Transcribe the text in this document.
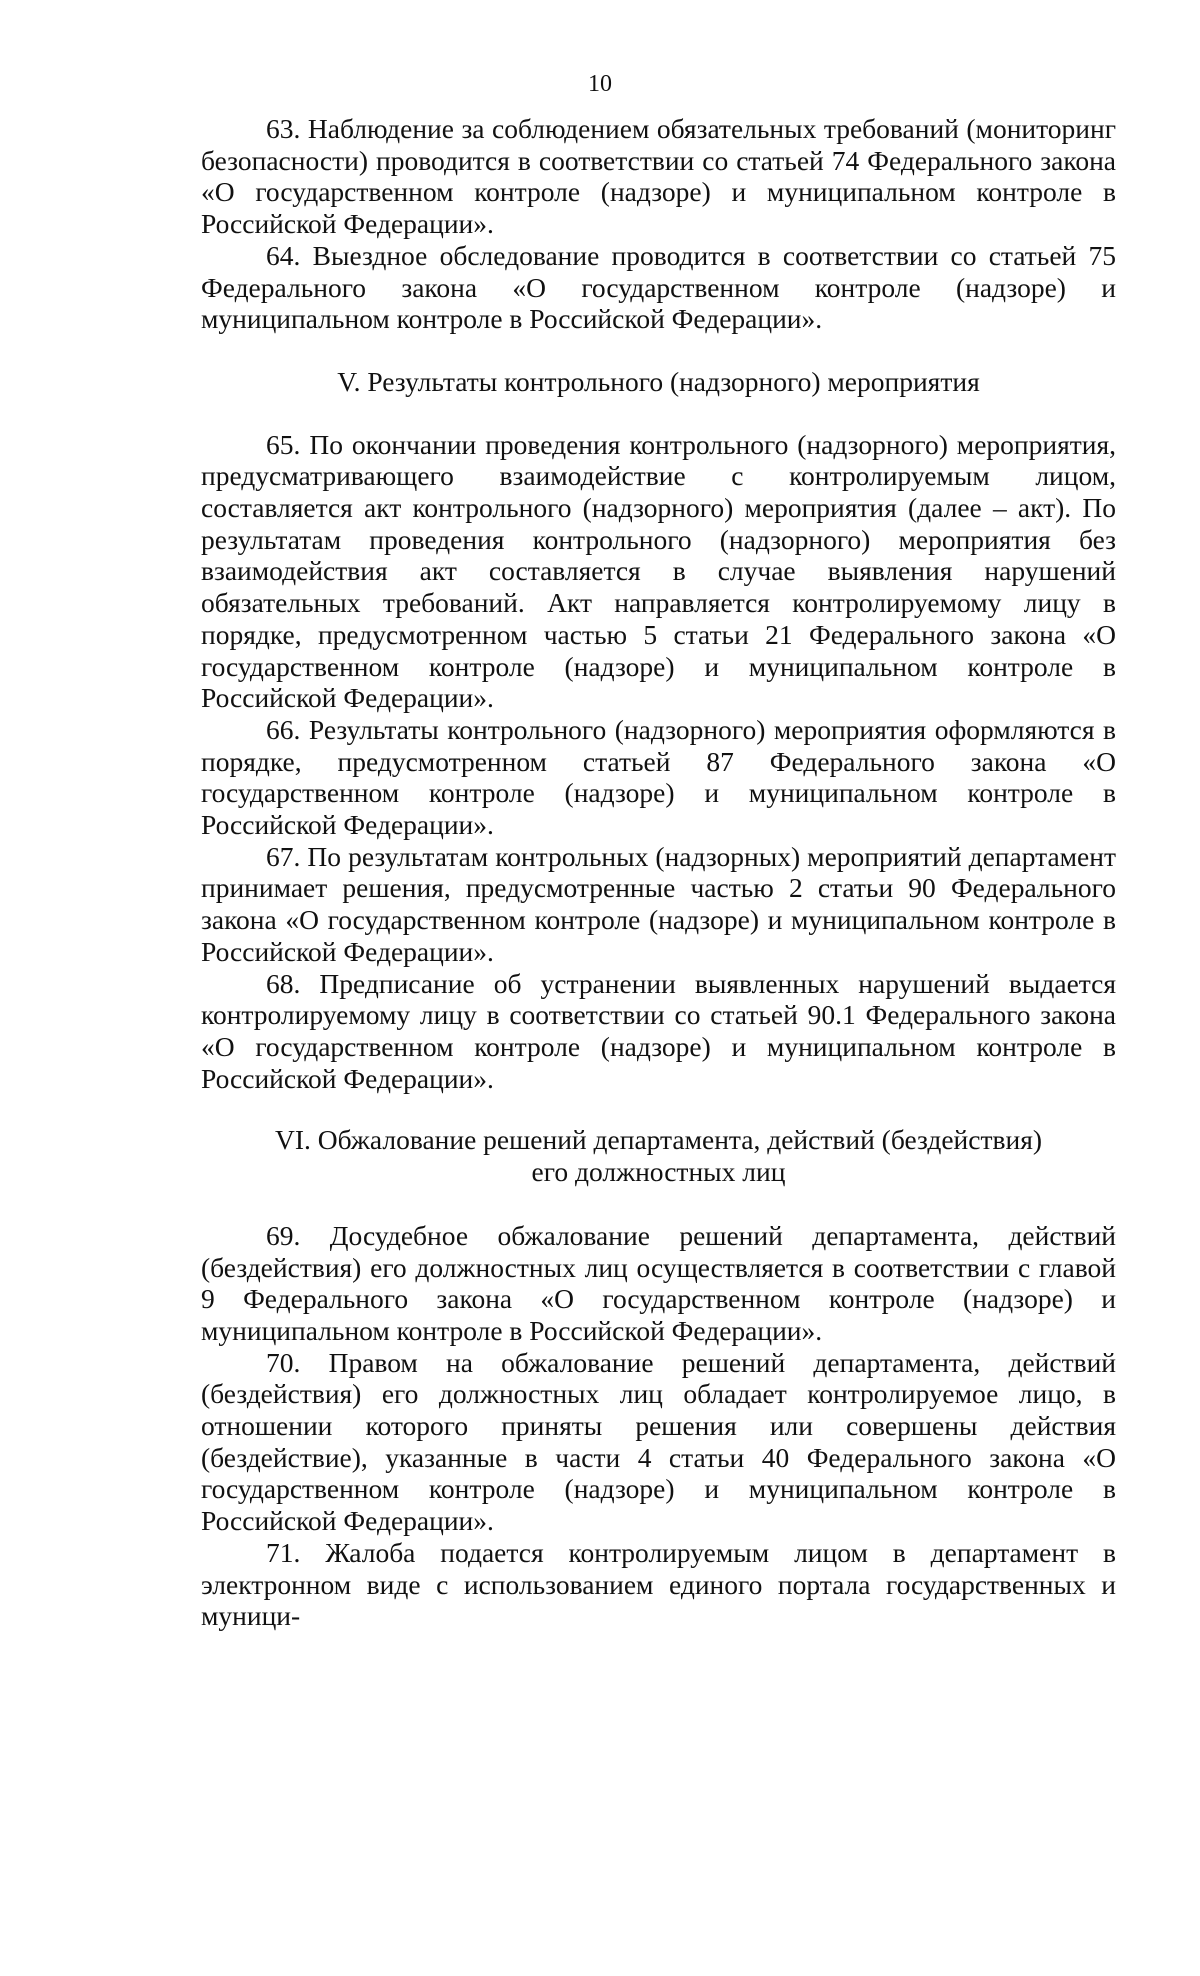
10

63. Наблюдение за соблюдением обязательных требований (мониторинг безопасности) проводится в соответствии со статьей 74 Федерального закона «О государственном контроле (надзоре) и муниципальном контроле в Российской Федерации».

64. Выездное обследование проводится в соответствии со статьей 75 Федерального закона «О государственном контроле (надзоре) и муниципальном контроле в Российской Федерации».

V. Результаты контрольного (надзорного) мероприятия

65. По окончании проведения контрольного (надзорного) мероприятия, предусматривающего взаимодействие с контролируемым лицом, составляется акт контрольного (надзорного) мероприятия (далее – акт). По результатам проведения контрольного (надзорного) мероприятия без взаимодействия акт составляется в случае выявления нарушений обязательных требований. Акт направляется контролируемому лицу в порядке, предусмотренном частью 5 статьи 21 Федерального закона «О государственном контроле (надзоре) и муниципальном контроле в Российской Федерации».

66. Результаты контрольного (надзорного) мероприятия оформляются в порядке, предусмотренном статьей 87 Федерального закона «О государственном контроле (надзоре) и муниципальном контроле в Российской Федерации».

67. По результатам контрольных (надзорных) мероприятий департамент принимает решения, предусмотренные частью 2 статьи 90 Федерального закона «О государственном контроле (надзоре) и муниципальном контроле в Российской Федерации».

68. Предписание об устранении выявленных нарушений выдается контролируемому лицу в соответствии со статьей 90.1 Федерального закона «О государственном контроле (надзоре) и муниципальном контроле в Российской Федерации».

VI. Обжалование решений департамента, действий (бездействия)

его должностных лиц

69. Досудебное обжалование решений департамента, действий (бездействия) его должностных лиц осуществляется в соответствии с главой 9 Федерального закона «О государственном контроле (надзоре) и муниципальном контроле в Российской Федерации».

70. Правом на обжалование решений департамента, действий (бездействия) его должностных лиц обладает контролируемое лицо, в отношении которого приняты решения или совершены действия (бездействие), указанные в части 4 статьи 40 Федерального закона «О государственном контроле (надзоре) и муниципальном контроле в Российской Федерации».

71. Жалоба подается контролируемым лицом в департамент в электронном виде с использованием единого портала государственных и муници-
